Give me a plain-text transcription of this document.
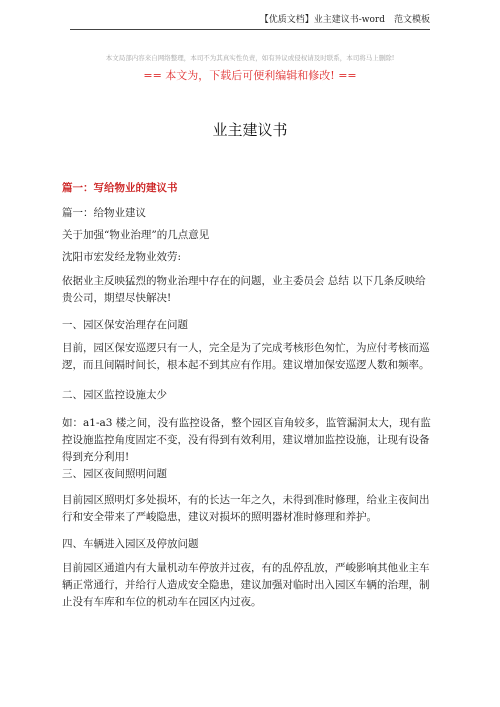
【优质文档】业主建议书-word　范文模板
本文局部内容来自网络整理，本司不为其真实性负责，如有异议或侵权请及时联系，本司将马上删除!
== 本文为，下载后可便利编辑和修改! ==
业主建议书

篇一：写给物业的建议书

篇一：给物业建议

关于加强“物业治理”的几点意见

沈阳市宏发经龙物业效劳:

依据业主反映猛烈的物业治理中存在的问题，业主委员会 总结 以下几条反映给贵公司，期望尽快解决!

一、园区保安治理存在问题

目前，园区保安巡逻只有一人，完全是为了完成考核形色匆忙，为应付考核而巡逻，而且间隔时间长，根本起不到其应有作用。建议增加保安巡逻人数和频率。

二、园区监控设施太少

如：a1-a3 楼之间，没有监控设备，整个园区盲角较多，监管漏洞太大，现有监控设施监控角度固定不变，没有得到有效利用，建议增加监控设施，让现有设备得到充分利用!

三、园区夜间照明问题

目前园区照明灯多处损坏，有的长达一年之久，未得到准时修理，给业主夜间出行和安全带来了严峻隐患，建议对损坏的照明器材准时修理和养护。

四、车辆进入园区及停放问题

目前园区通道内有大量机动车停放并过夜，有的乱停乱放，严峻影响其他业主车辆正常通行，并给行人造成安全隐患，建议加强对临时出入园区车辆的治理，制止没有车库和车位的机动车在园区内过夜。
